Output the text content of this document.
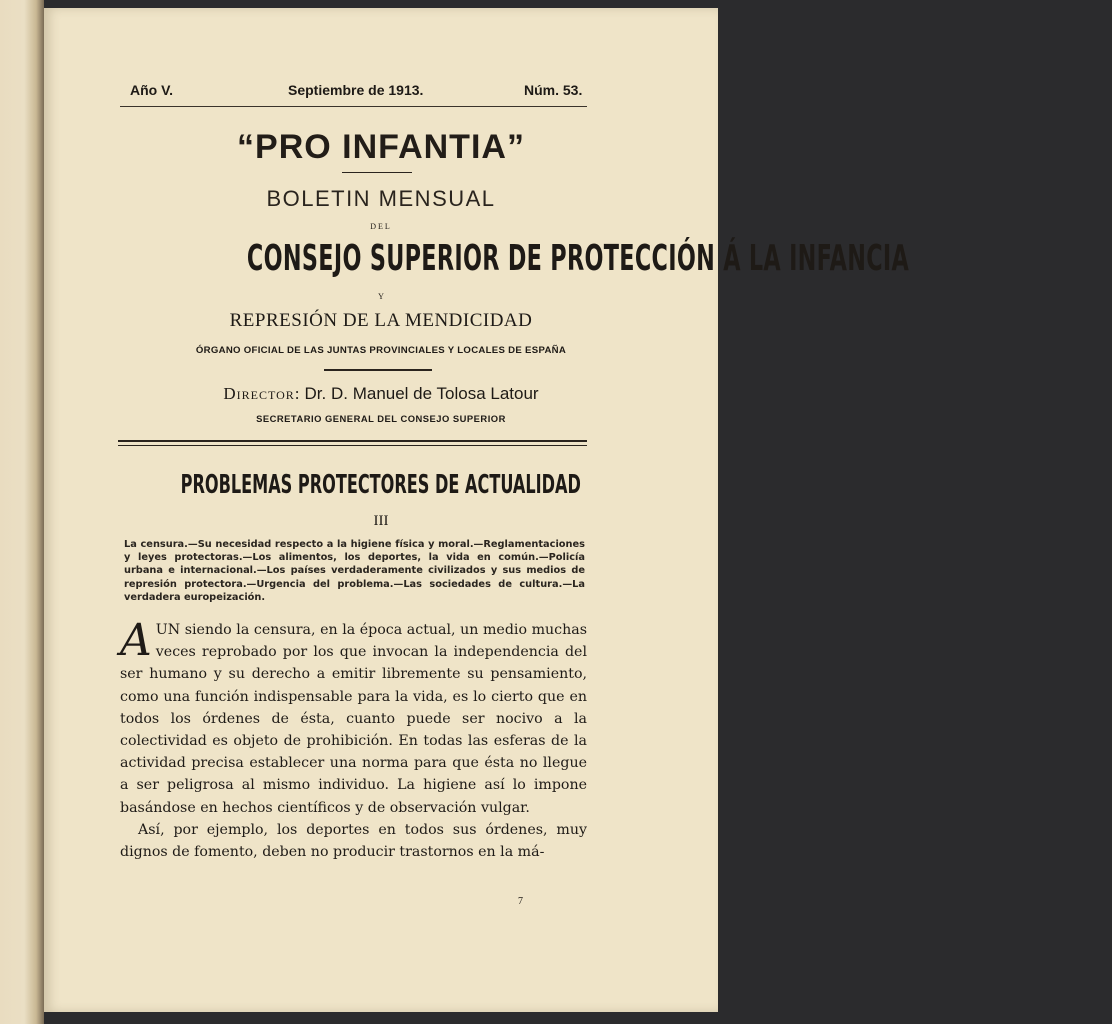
Año V.	Septiembre de 1913.	Núm. 53.
“PRO INFANTIA”
BOLETIN MENSUAL
DEL
CONSEJO SUPERIOR DE PROTECCIÓN Á LA INFANCIA
Y
REPRESIÓN DE LA MENDICIDAD
ÓRGANO OFICIAL DE LAS JUNTAS PROVINCIALES Y LOCALES DE ESPAÑA
Director: Dr. D. Manuel de Tolosa Latour
SECRETARIO GENERAL DEL CONSEJO SUPERIOR
PROBLEMAS PROTECTORES DE ACTUALIDAD
III
La censura.—Su necesidad respecto a la higiene física y moral.—Reglamentaciones y leyes protectoras.—Los alimentos, los deportes, la vida en común.—Policía urbana e internacional.—Los países verdaderamente civilizados y sus medios de represión protectora.—Urgencia del problema.—Las sociedades de cultura.—La verdadera europeización.

AUN siendo la censura, en la época actual, un medio muchas veces reprobado por los que invocan la independencia del ser humano y su derecho a emitir libremente su pensamiento, como una función indispensable para la vida, es lo cierto que en todos los órdenes de ésta, cuanto puede ser nocivo a la colectividad es objeto de prohibición. En todas las esferas de la actividad precisa establecer una norma para que ésta no llegue a ser peligrosa al mismo individuo. La higiene así lo impone basándose en hechos científicos y de observación vulgar.

Así, por ejemplo, los deportes en todos sus órdenes, muy dignos de fomento, deben no producir trastornos en la má-

7
